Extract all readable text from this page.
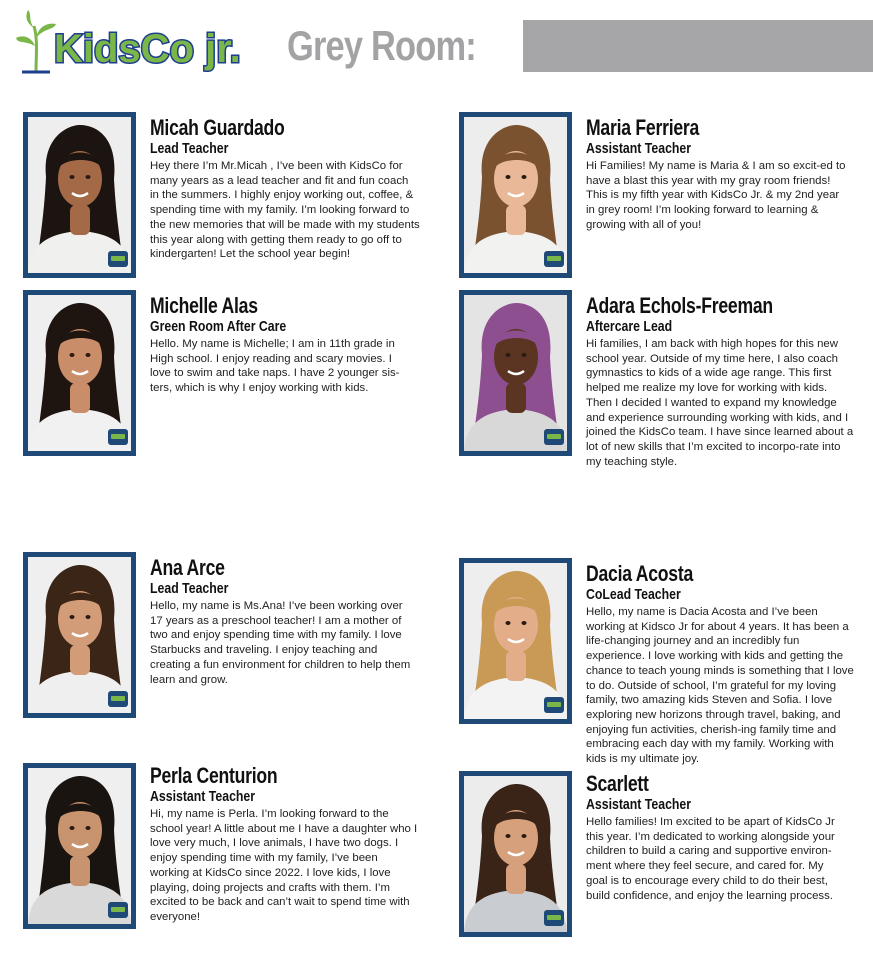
KidsCo jr. Grey Room:
Micah Guardado
Lead Teacher
Hey there I’m Mr.Micah , I’ve been with KidsCo for many years as a lead teacher and fit and fun coach in the summers. I highly enjoy working out, coffee, & spending time with my family. I’m looking forward to the new memories that will be made with my students this year along with getting them ready to go off to kindergarten! Let the school year begin!
Maria Ferriera
Assistant Teacher
Hi Families! My name is Maria & I am so excit-ed to have a blast this year with my gray room friends! This is my fifth year with KidsCo Jr. & my 2nd year in grey room! I’m looking forward to learning & growing with all of you!
Michelle Alas
Green Room After Care
Hello. My name is Michelle; I am in 11th grade in High school. I enjoy reading and scary movies. I love to swim and take naps. I have 2 younger sis-ters, which is why I enjoy working with kids.
Adara Echols-Freeman
Aftercare Lead
Hi families, I am back with high hopes for this new school year. Outside of my time here, I also coach gymnastics to kids of a wide age range. This first helped me realize my love for working with kids. Then I decided I wanted to expand my knowledge and experience surrounding working with kids, and I joined the KidsCo team. I have since learned about a lot of new skills that I’m excited to incorpo-rate into my teaching style.
Ana Arce
Lead Teacher
Hello, my name is Ms.Ana! I’ve been working over 17 years as a preschool teacher! I am a mother of two and enjoy spending time with my family. I love Starbucks and traveling. I enjoy teaching and creating a fun environment for children to help them learn and grow.
Dacia Acosta
CoLead Teacher
Hello, my name is Dacia Acosta and I’ve been working at Kidsco Jr for about 4 years. It has been a life-changing journey and an incredibly fun experience. I love working with kids and getting the chance to teach young minds is something that I love to do. Outside of school, I’m grateful for my loving family, two amazing kids Steven and Sofia. I love exploring new horizons through travel, baking, and enjoying fun activities, cherish-ing family time and embracing each day with my family. Working with kids is my ultimate joy.
Perla Centurion
Assistant Teacher
Hi, my name is Perla. I’m looking forward to the school year! A little about me I have a daughter who I love very much, I love animals, I have two dogs. I enjoy spending time with my family, I’ve been working at KidsCo since 2022. I love kids, I love playing, doing projects and crafts with them. I’m excited to be back and can’t wait to spend time with everyone!
Scarlett
Assistant Teacher
Hello families! Im excited to be apart of KidsCo Jr this year. I’m dedicated to working alongside your children to build a caring and supportive environ-ment where they feel secure, and cared for. My goal is to encourage every child to do their best, build confidence, and enjoy the learning process.
